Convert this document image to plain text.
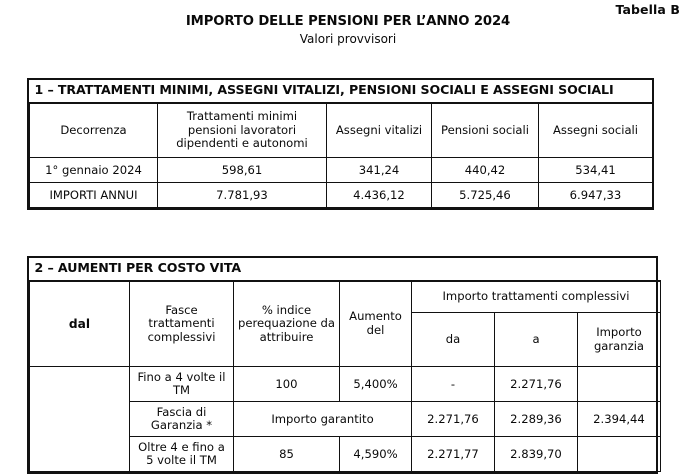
Tabella B
IMPORTO DELLE PENSIONI PER L’ANNO 2024
Valori provvisori
1 – TRATTAMENTI MINIMI, ASSEGNI VITALIZI, PENSIONI SOCIALI E ASSEGNI SOCIALI				
Decorrenza	Trattamenti minimi pensioni lavoratori dipendenti e autonomi	Assegni vitalizi	Pensioni sociali	Assegni sociali
1° gennaio 2024	598,61	341,24	440,42	534,41
IMPORTI ANNUI	7.781,93	4.436,12	5.725,46	6.947,33
2 – AUMENTI PER COSTO VITA						
dal	Fasce trattamenti complessivi	% indice perequazione da attribuire	Aumento del	Importo trattamenti complessivi		
				da	a	Importo garanzia
	Fino a 4 volte il TM	100	5,400%	-	2.271,76	
	Fascia di Garanzia *	Importo garantito		2.271,76	2.289,36	2.394,44
	Oltre 4 e fino a 5 volte il TM	85	4,590%	2.271,77	2.839,70	
